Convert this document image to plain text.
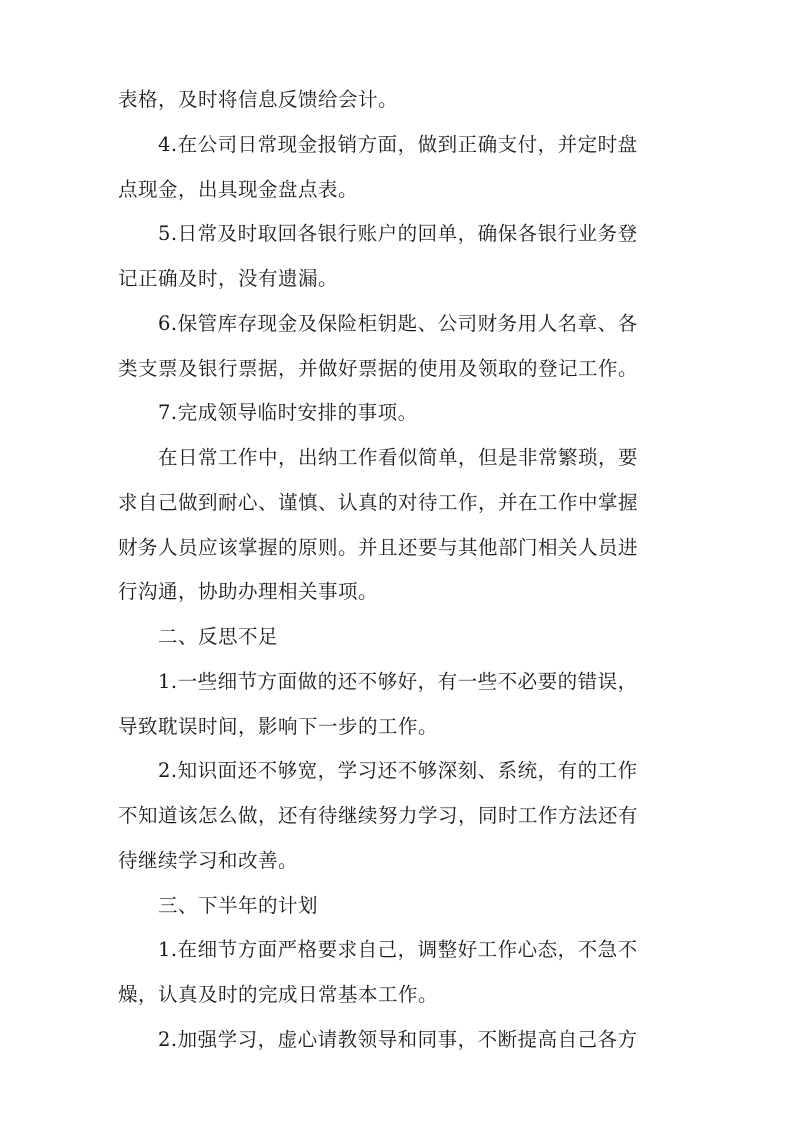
表格，及时将信息反馈给会计。
4.在公司日常现金报销方面，做到正确支付，并定时盘
点现金，出具现金盘点表。
5.日常及时取回各银行账户的回单，确保各银行业务登
记正确及时，没有遗漏。
6.保管库存现金及保险柜钥匙、公司财务用人名章、各
类支票及银行票据，并做好票据的使用及领取的登记工作。
7.完成领导临时安排的事项。
在日常工作中，出纳工作看似简单，但是非常繁琐，要
求自己做到耐心、谨慎、认真的对待工作，并在工作中掌握
财务人员应该掌握的原则。并且还要与其他部门相关人员进
行沟通，协助办理相关事项。
二、反思不足
1.一些细节方面做的还不够好，有一些不必要的错误，
导致耽误时间，影响下一步的工作。
2.知识面还不够宽，学习还不够深刻、系统，有的工作
不知道该怎么做，还有待继续努力学习，同时工作方法还有
待继续学习和改善。
三、下半年的计划
1.在细节方面严格要求自己，调整好工作心态，不急不
燥，认真及时的完成日常基本工作。
2.加强学习，虚心请教领导和同事，不断提高自己各方
